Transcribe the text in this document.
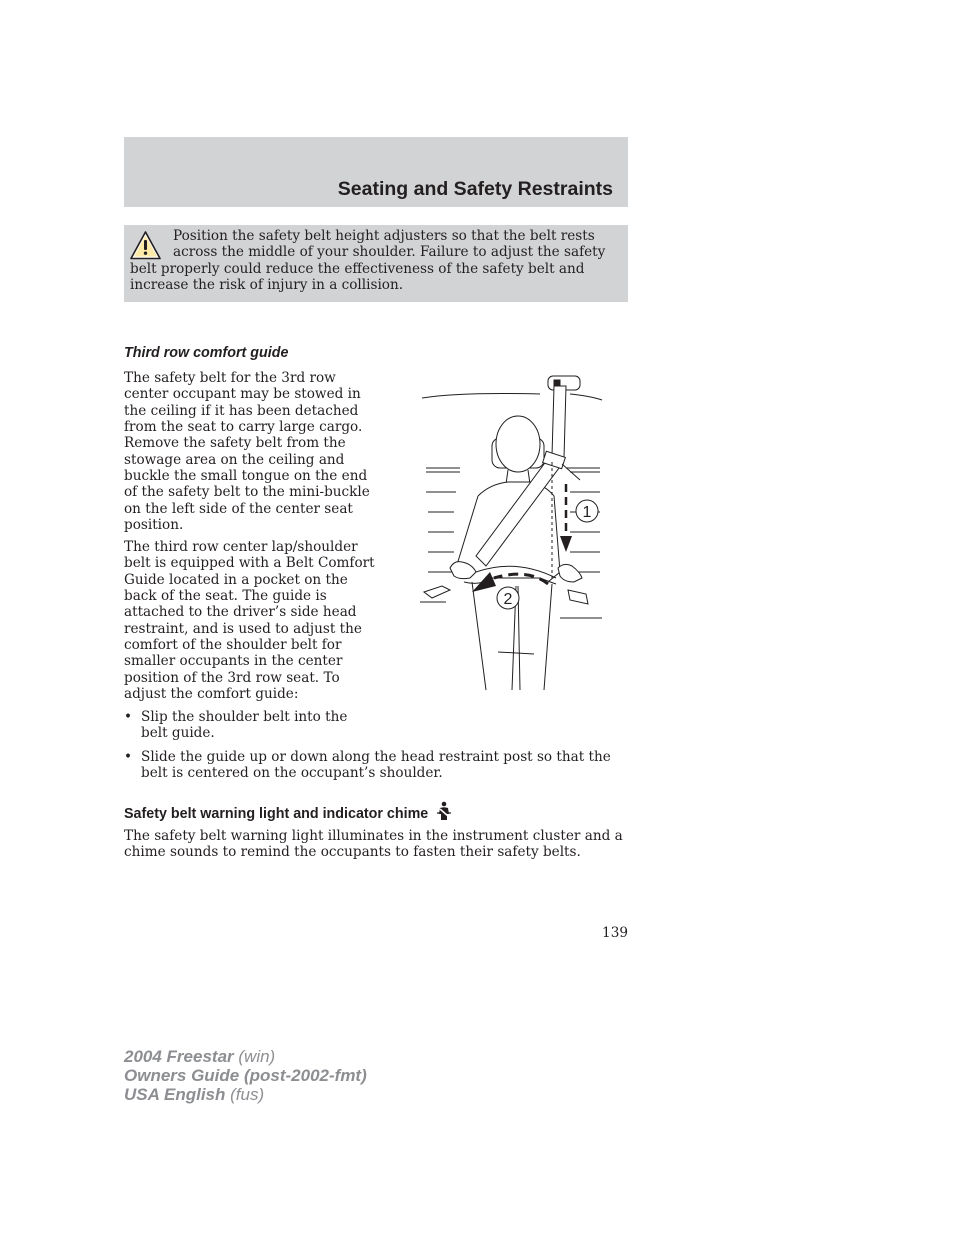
Seating and Safety Restraints

Position the safety belt height adjusters so that the belt rests across the middle of your shoulder. Failure to adjust the safety belt properly could reduce the effectiveness of the safety belt and increase the risk of injury in a collision.

Third row comfort guide

The safety belt for the 3rd row center occupant may be stowed in the ceiling if it has been detached from the seat to carry large cargo. Remove the safety belt from the stowage area on the ceiling and buckle the small tongue on the end of the safety belt to the mini-buckle on the left side of the center seat position.

The third row center lap/shoulder belt is equipped with a Belt Comfort Guide located in a pocket on the back of the seat. The guide is attached to the driver’s side head restraint, and is used to adjust the comfort of the shoulder belt for smaller occupants in the center position of the 3rd row seat. To adjust the comfort guide:

• Slip the shoulder belt into the belt guide.
• Slide the guide up or down along the head restraint post so that the belt is centered on the occupant’s shoulder.
1
2
Safety belt warning light and indicator chime

The safety belt warning light illuminates in the instrument cluster and a chime sounds to remind the occupants to fasten their safety belts.

139
2004 Freestar (win)
Owners Guide (post-2002-fmt)
USA English (fus)
